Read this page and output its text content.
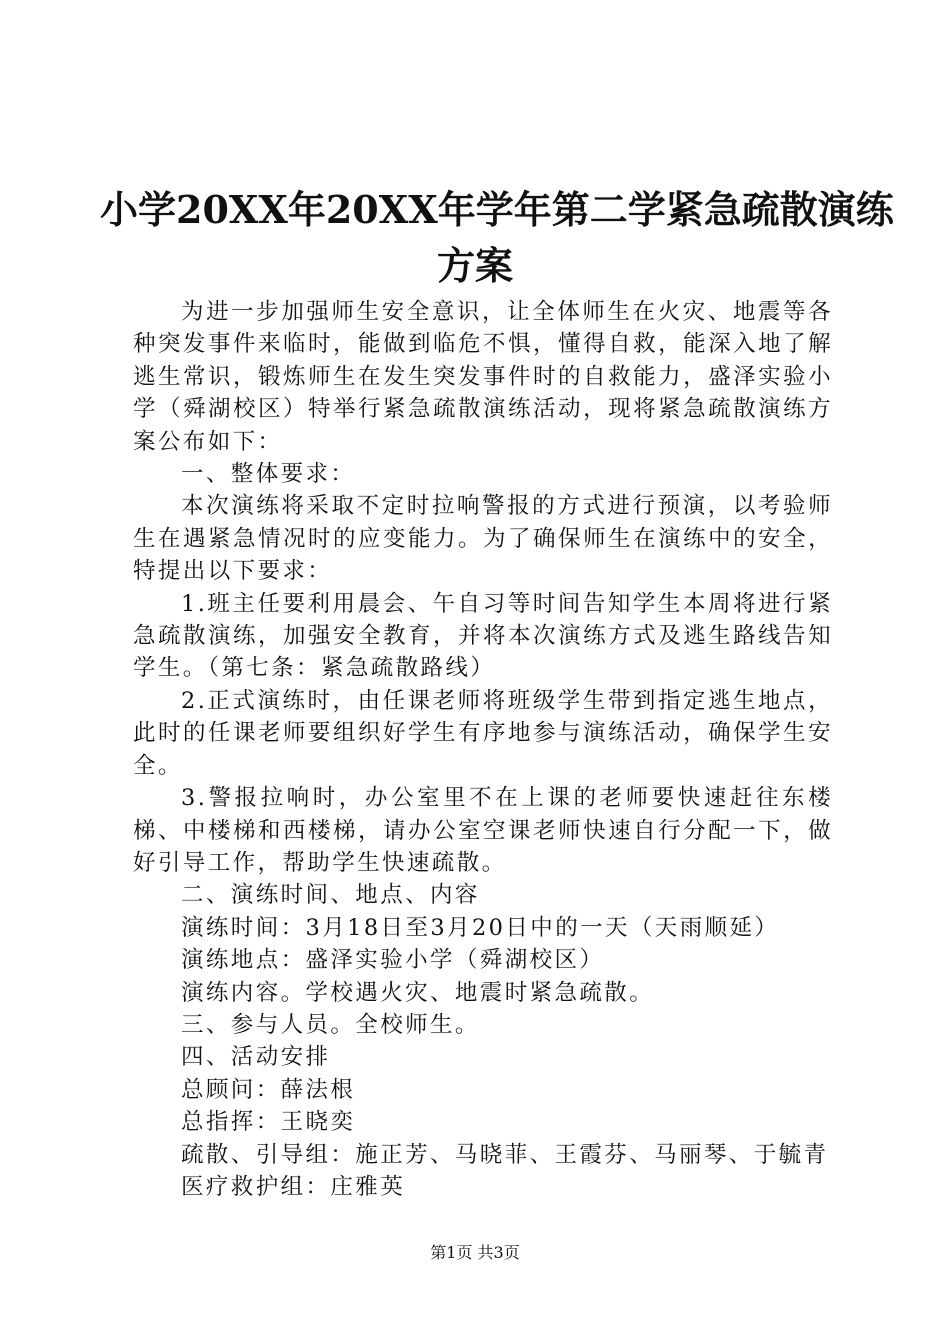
小学20XX年20XX年学年第二学紧急疏散演练
方案

为进一步加强师生安全意识，让全体师生在火灾、地震等各种突发事件来临时，能做到临危不惧，懂得自救，能深入地了解逃生常识，锻炼师生在发生突发事件时的自救能力，盛泽实验小学（舜湖校区）特举行紧急疏散演练活动，现将紧急疏散演练方案公布如下：

一、整体要求：

本次演练将采取不定时拉响警报的方式进行预演，以考验师生在遇紧急情况时的应变能力。为了确保师生在演练中的安全，特提出以下要求：

1.班主任要利用晨会、午自习等时间告知学生本周将进行紧急疏散演练，加强安全教育，并将本次演练方式及逃生路线告知学生。（第七条：紧急疏散路线）

2.正式演练时，由任课老师将班级学生带到指定逃生地点，此时的任课老师要组织好学生有序地参与演练活动，确保学生安全。

3.警报拉响时，办公室里不在上课的老师要快速赶往东楼梯、中楼梯和西楼梯，请办公室空课老师快速自行分配一下，做好引导工作，帮助学生快速疏散。

二、演练时间、地点、内容

演练时间：3月18日至3月20日中的一天（天雨顺延）

演练地点：盛泽实验小学（舜湖校区）

演练内容。学校遇火灾、地震时紧急疏散。

三、参与人员。全校师生。

四、活动安排

总顾问：薛法根

总指挥：王晓奕

疏散、引导组：施正芳、马晓菲、王霞芬、马丽琴、于毓青

医疗救护组：庄雅英

第1页 共3页
